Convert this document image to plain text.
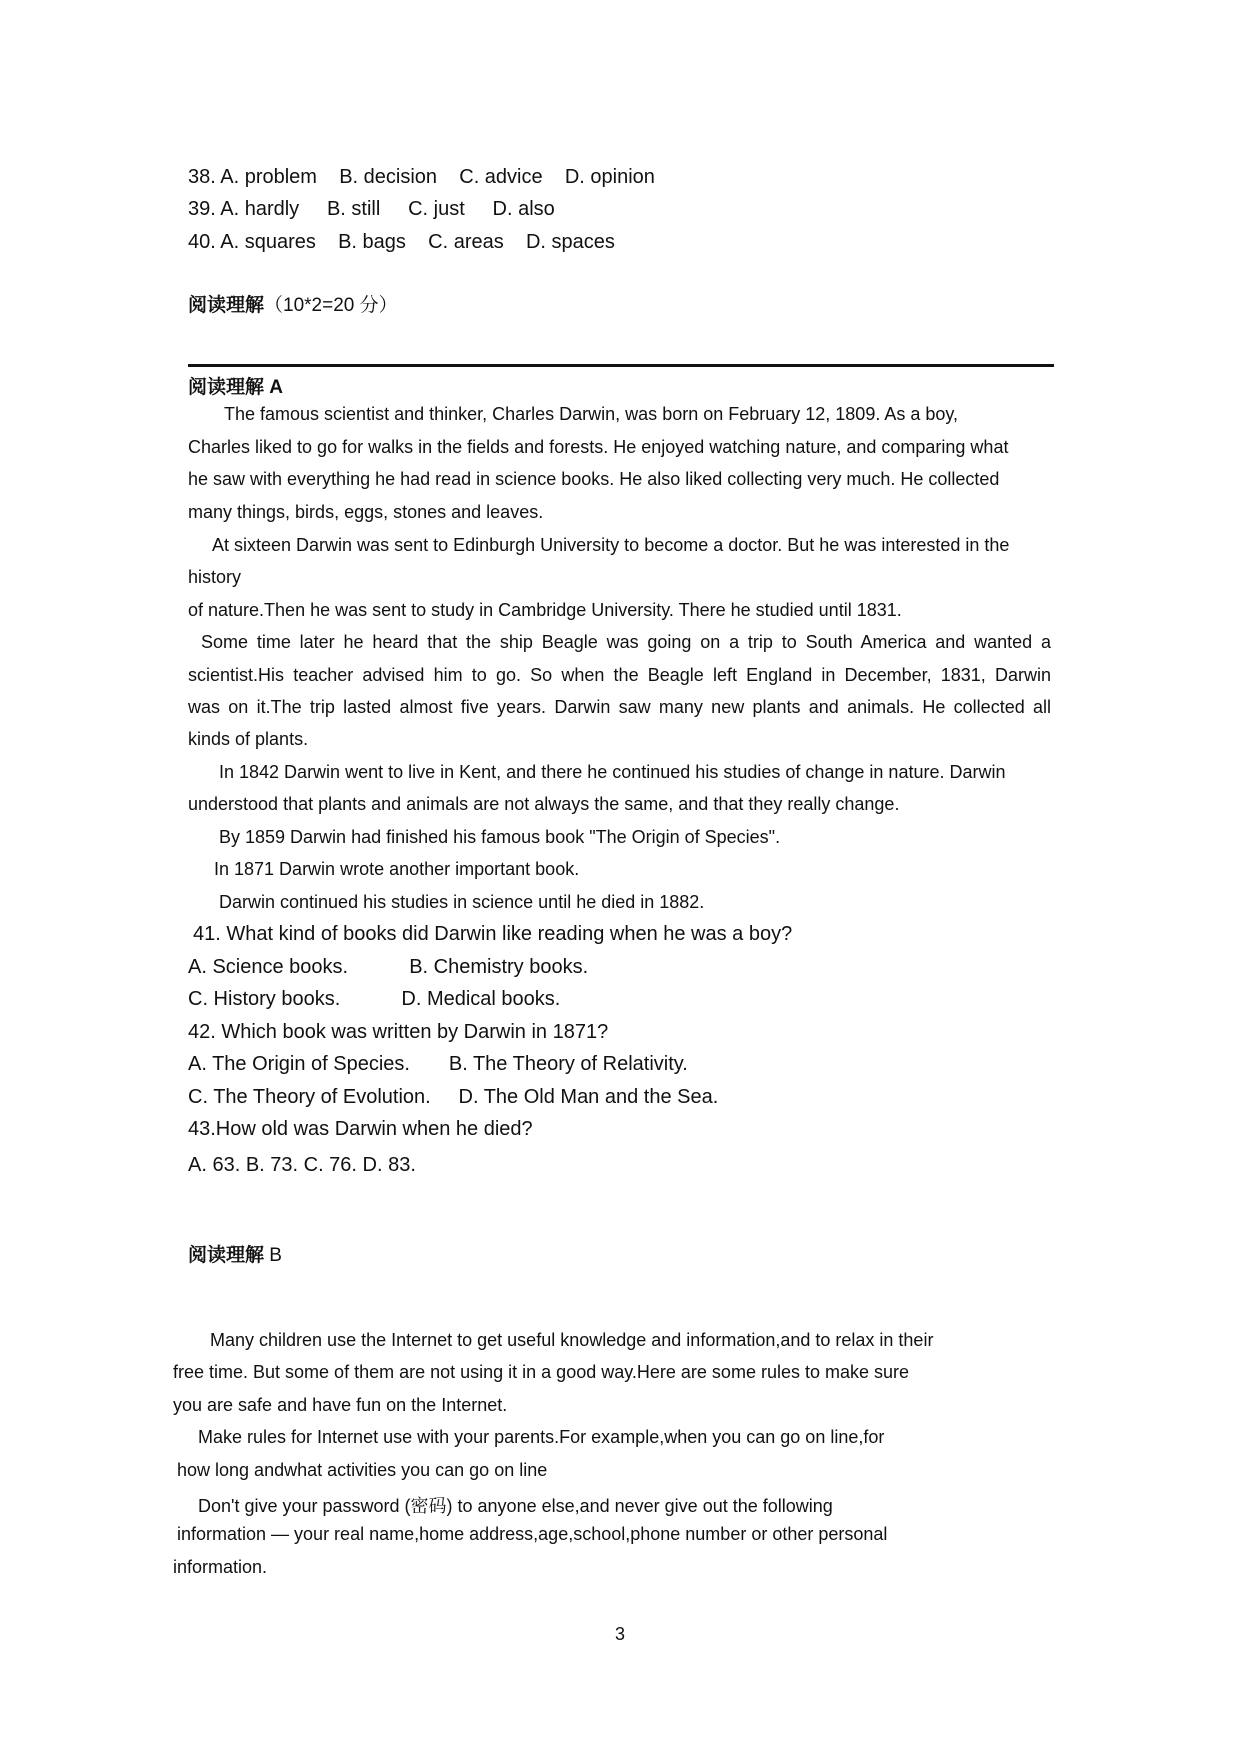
38. A. problem    B. decision    C. advice    D. opinion
39. A. hardly     B. still     C. just     D. also
40. A. squares    B. bags    C. areas    D. spaces
阅读理解（10*2=20 分）
阅读理解 A
The famous scientist and thinker, Charles Darwin, was born on February 12, 1809. As a boy,
Charles liked to go for walks in the fields and forests. He enjoyed watching nature, and comparing what
he saw with everything he had read in science books. He also liked collecting very much. He collected
many things, birds, eggs, stones and leaves.
At sixteen Darwin was sent to Edinburgh University to become a doctor. But he was interested in the
history
of nature.Then he was sent to study in Cambridge University. There he studied until 1831.
Some time later he heard that the ship Beagle was going on a trip to South America and wanted a
scientist.His teacher advised him to go. So when the Beagle left England in December, 1831, Darwin
was on it.The trip lasted almost five years. Darwin saw many new plants and animals. He collected all
kinds of plants.
In 1842 Darwin went to live in Kent, and there he continued his studies of change in nature. Darwin
understood that plants and animals are not always the same, and that they really change.
By 1859 Darwin had finished his famous book "The Origin of Species".
In 1871 Darwin wrote another important book.
Darwin continued his studies in science until he died in 1882.
41. What kind of books did Darwin like reading when he was a boy?
A. Science books.           B. Chemistry books.
C. History books.           D. Medical books.
42. Which book was written by Darwin in 1871?
A. The Origin of Species.       B. The Theory of Relativity.
C. The Theory of Evolution.     D. The Old Man and the Sea.
43.How old was Darwin when he died?
A. 63. B. 73. C. 76. D. 83.
阅读理解 B
Many children use the Internet to get useful knowledge and information,and to relax in their
free time. But some of them are not using it in a good way.Here are some rules to make sure
you are safe and have fun on the Internet.
Make rules for Internet use with your parents.For example,when you can go on line,for
how long andwhat activities you can go on line
Don't give your password (密码) to anyone else,and never give out the following
information — your real name,home address,age,school,phone number or other personal
information.
3
